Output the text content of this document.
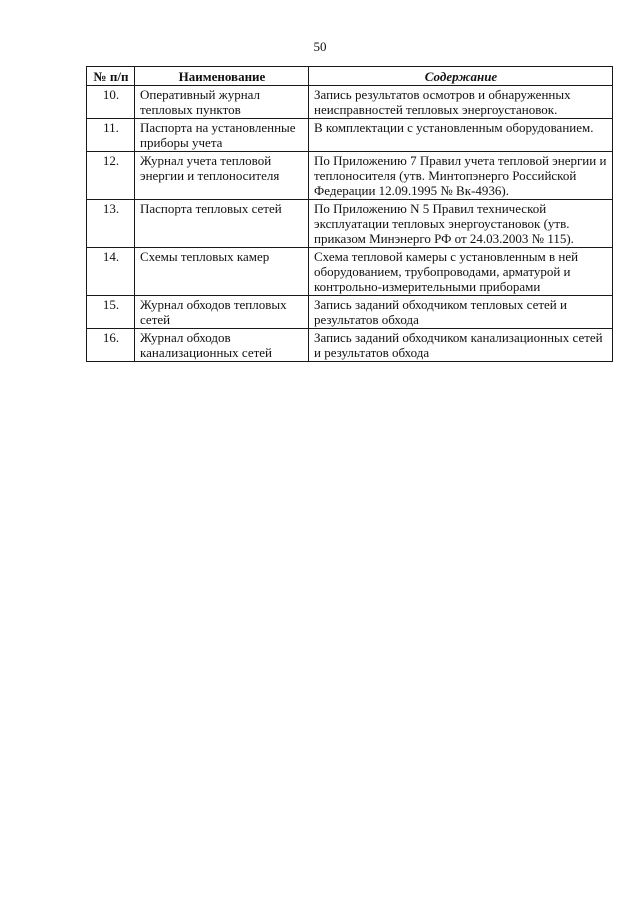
50
№ п/п	Наименование	Содержание
10.	Оперативный журнал тепловых пунктов	Запись результатов осмотров и обнаруженных неисправностей тепловых энергоустановок.
11.	Паспорта на установленные приборы учета	В комплектации с установленным оборудованием.
12.	Журнал учета тепловой энергии и теплоносителя	По Приложению 7 Правил учета тепловой энергии и теплоносителя (утв. Минтопэнерго Российской Федерации 12.09.1995 № Вк-4936).
13.	Паспорта тепловых сетей	По Приложению N 5 Правил технической эксплуатации тепловых энергоустановок (утв. приказом Минэнерго РФ от 24.03.2003 № 115).
14.	Схемы тепловых камер	Схема тепловой камеры с установленным в ней оборудованием, трубопроводами, арматурой и контрольно-измерительными приборами
15.	Журнал обходов тепловых сетей	Запись заданий обходчиком тепловых сетей и результатов обхода
16.	Журнал обходов канализационных сетей	Запись заданий обходчиком канализационных сетей и результатов обхода
